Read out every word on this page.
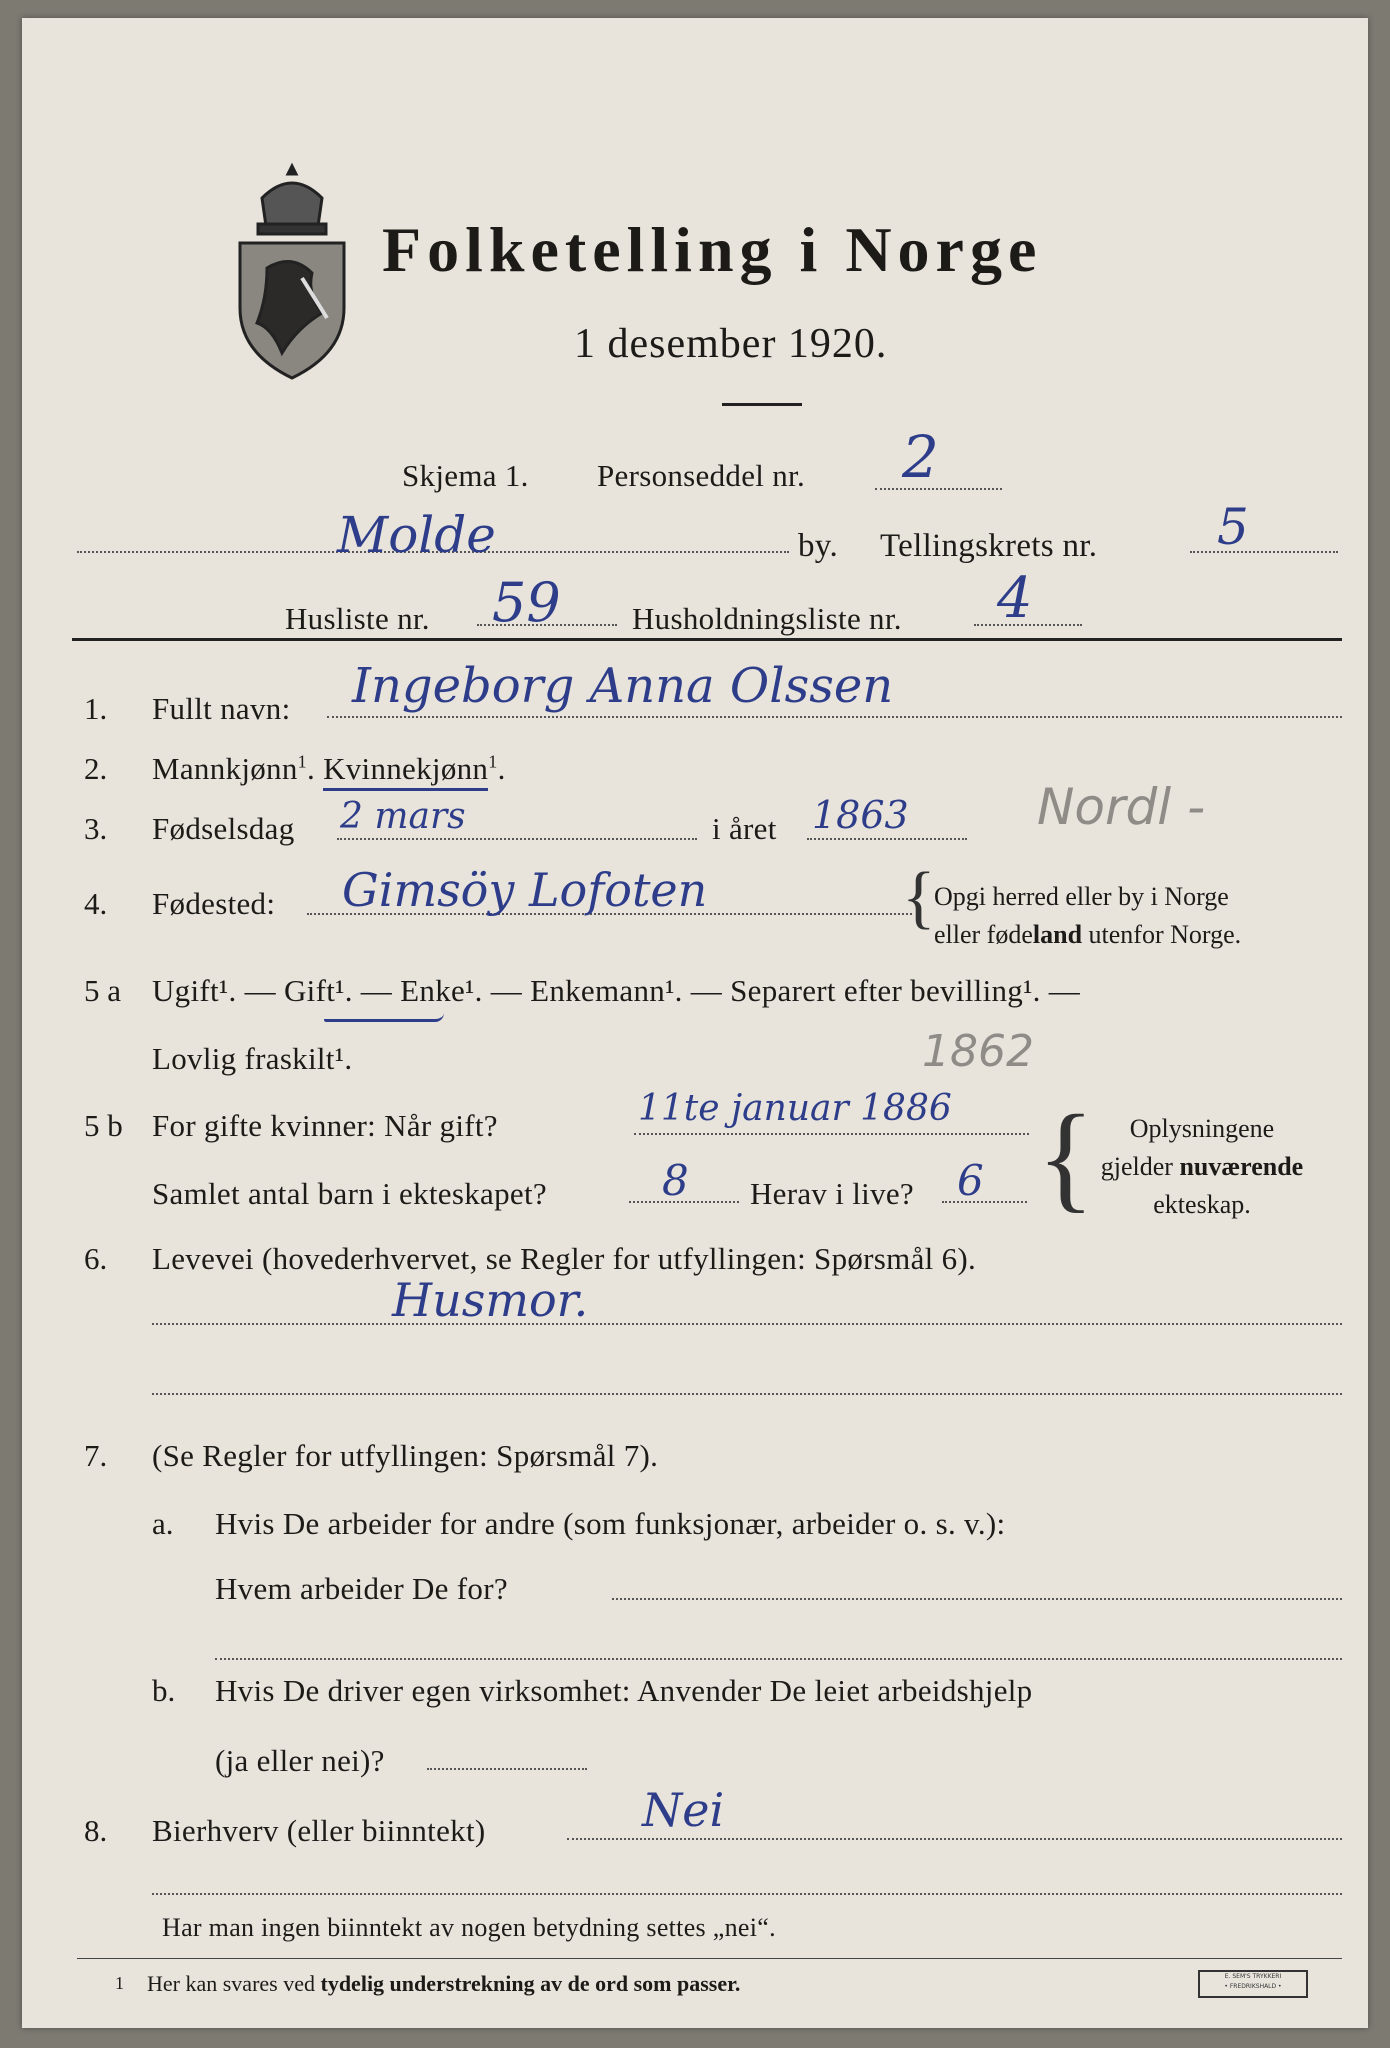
Folketelling i Norge
1 desember 1920.
Skjema 1. Personseddel nr. 2
Molde	by. Tellingskrets nr. 5
Husliste nr. 59 Husholdningsliste nr. 4
1. Fullt navn: Ingeborg Anna Olssen
2. Mannkjønn$^1$. Kvinnekjønn$^1$.
3. Fødselsdag 2 mars	i året 1863	Nordl -
4. Fødested: Gimsöy Lofoten	{
Opgi herred eller by i Norge
eller fødeland utenfor Norge.
5 a Ugift¹. — Gift¹. — Enke¹. — Enkemann¹. — Separert efter bevilling¹. —
Lovlig fraskilt¹.	1862
5 b For gifte kvinner: Når gift?	11te januar 1886
Samlet antal barn i ekteskapet?	8 Herav i live? 6 {	Oplysningene
gjelder nuværende
ekteskap.
6. Levevei (hovederhvervet, se Regler for utfyllingen: Spørsmål 6).
Husmor.
7. (Se Regler for utfyllingen: Spørsmål 7).
a. Hvis De arbeider for andre (som funksjonær, arbeider o. s. v.):
Hvem arbeider De for?
b. Hvis De driver egen virksomhet: Anvender De leiet arbeidshjelp
(ja eller nei)?
8. Bierhverv (eller biinntekt)	Nei
Har man ingen biinntekt av nogen betydning settes „nei“.
1 Her kan svares ved tydelig understrekning av de ord som passer.	E. SEM'S TRYKKERI
• FREDRIKSHALD •
